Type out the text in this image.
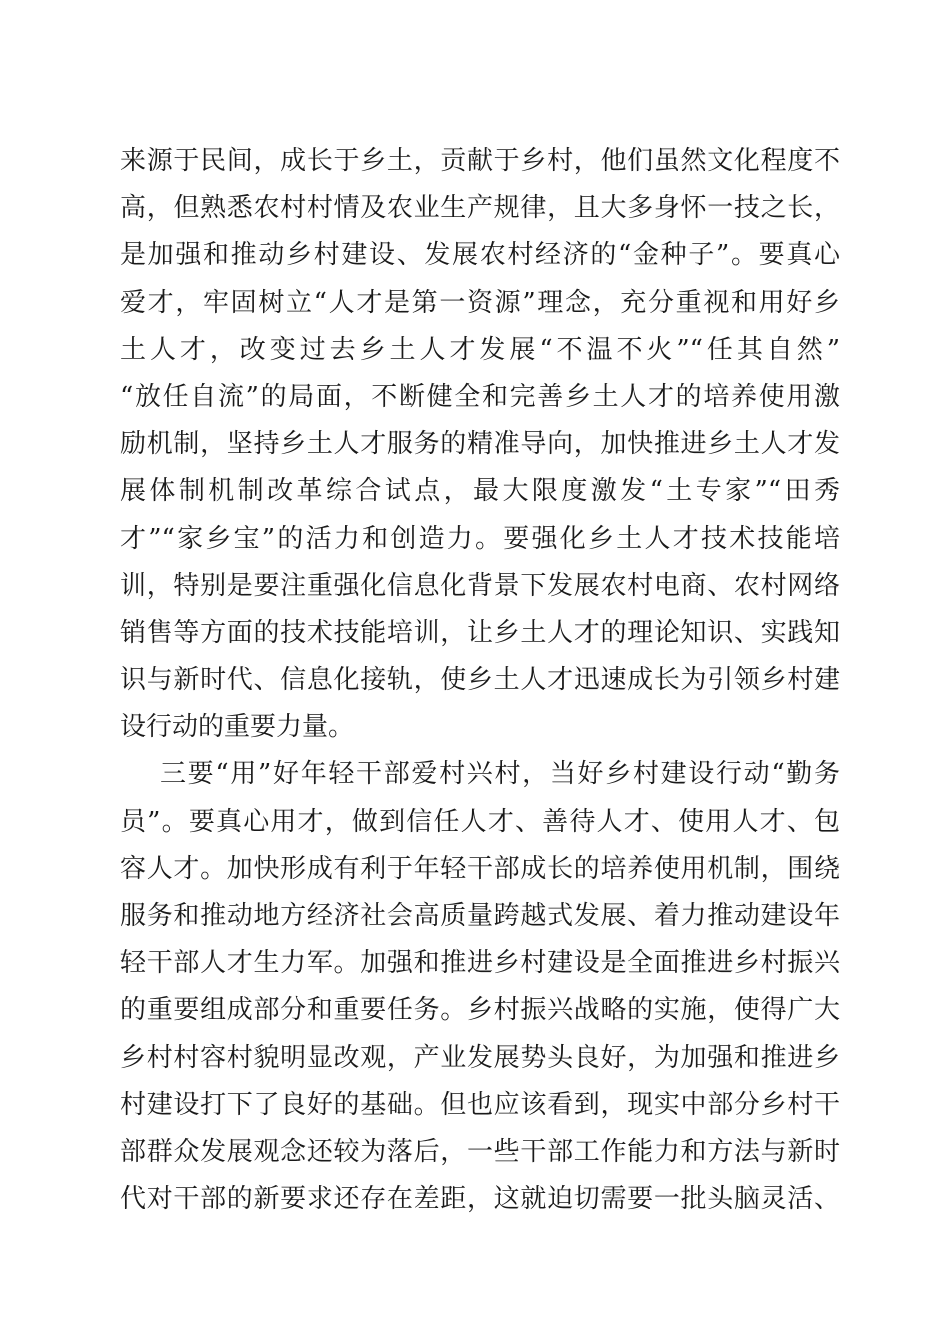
来源于民间，成长于乡土，贡献于乡村，他们虽然文化程度不
高，但熟悉农村村情及农业生产规律，且大多身怀一技之长，
是加强和推动乡村建设、发展农村经济的“金种子”。要真心
爱才，牢固树立“人才是第一资源”理念，充分重视和用好乡
土人才，改变过去乡土人才发展“不温不火”“任其自然”
“放任自流”的局面，不断健全和完善乡土人才的培养使用激
励机制，坚持乡土人才服务的精准导向，加快推进乡土人才发
展体制机制改革综合试点，最大限度激发“土专家”“田秀
才”“家乡宝”的活力和创造力。要强化乡土人才技术技能培
训，特别是要注重强化信息化背景下发展农村电商、农村网络
销售等方面的技术技能培训，让乡土人才的理论知识、实践知
识与新时代、信息化接轨，使乡土人才迅速成长为引领乡村建
设行动的重要力量。
三要“用”好年轻干部爱村兴村，当好乡村建设行动“勤务
员”。要真心用才，做到信任人才、善待人才、使用人才、包
容人才。加快形成有利于年轻干部成长的培养使用机制，围绕
服务和推动地方经济社会高质量跨越式发展、着力推动建设年
轻干部人才生力军。加强和推进乡村建设是全面推进乡村振兴
的重要组成部分和重要任务。乡村振兴战略的实施，使得广大
乡村村容村貌明显改观，产业发展势头良好，为加强和推进乡
村建设打下了良好的基础。但也应该看到，现实中部分乡村干
部群众发展观念还较为落后，一些干部工作能力和方法与新时
代对干部的新要求还存在差距，这就迫切需要一批头脑灵活、
